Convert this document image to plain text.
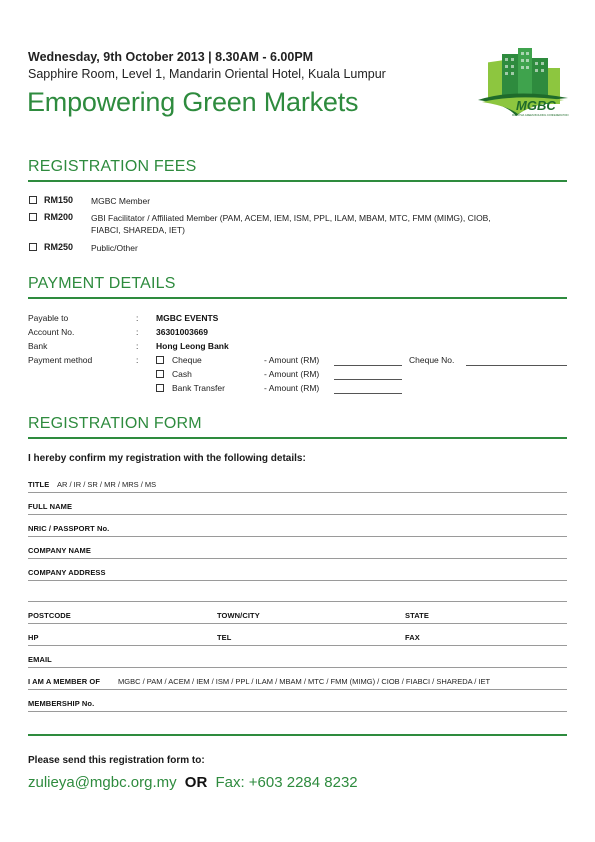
Wednesday, 9th October 2013 | 8.30AM - 6.00PM
Sapphire Room, Level 1, Mandarin Oriental Hotel, Kuala Lumpur
Empowering Green Markets	MGBC
MALAYSIA GREEN BUILDING CONFEDERATION
REGISTRATION FEES
RM150 MGBC Member
RM200 GBI Facilitator / Affiliated Member (PAM, ACEM, IEM, ISM, PPL, ILAM, MBAM, MTC, FMM (MIMG), CIOB,
FIABCI, SHAREDA, IET)
RM250 Public/Other
PAYMENT DETAILS
Payable to	: MGBC EVENTS
Account No.	: 36301003669
Bank	: Hong Leong Bank
Payment method	:	Cheque	- Amount (RM)	Cheque No.
Cash	- Amount (RM)
Bank Transfer	- Amount (RM)
REGISTRATION FORM
I hereby confirm my registration with the following details:
TITLE AR / IR / SR / MR / MRS / MS
FULL NAME
NRIC / PASSPORT No.
COMPANY NAME
COMPANY ADDRESS
POSTCODE	TOWN/CITY	STATE
HP	TEL	FAX
EMAIL
I AM A MEMBER OF MGBC / PAM / ACEM / IEM / ISM / PPL / ILAM / MBAM / MTC / FMM (MIMG) / CIOB / FIABCI / SHAREDA / IET
MEMBERSHIP No.
Please send this registration form to:
zulieya@mgbc.org.my OR Fax: +603 2284 8232
